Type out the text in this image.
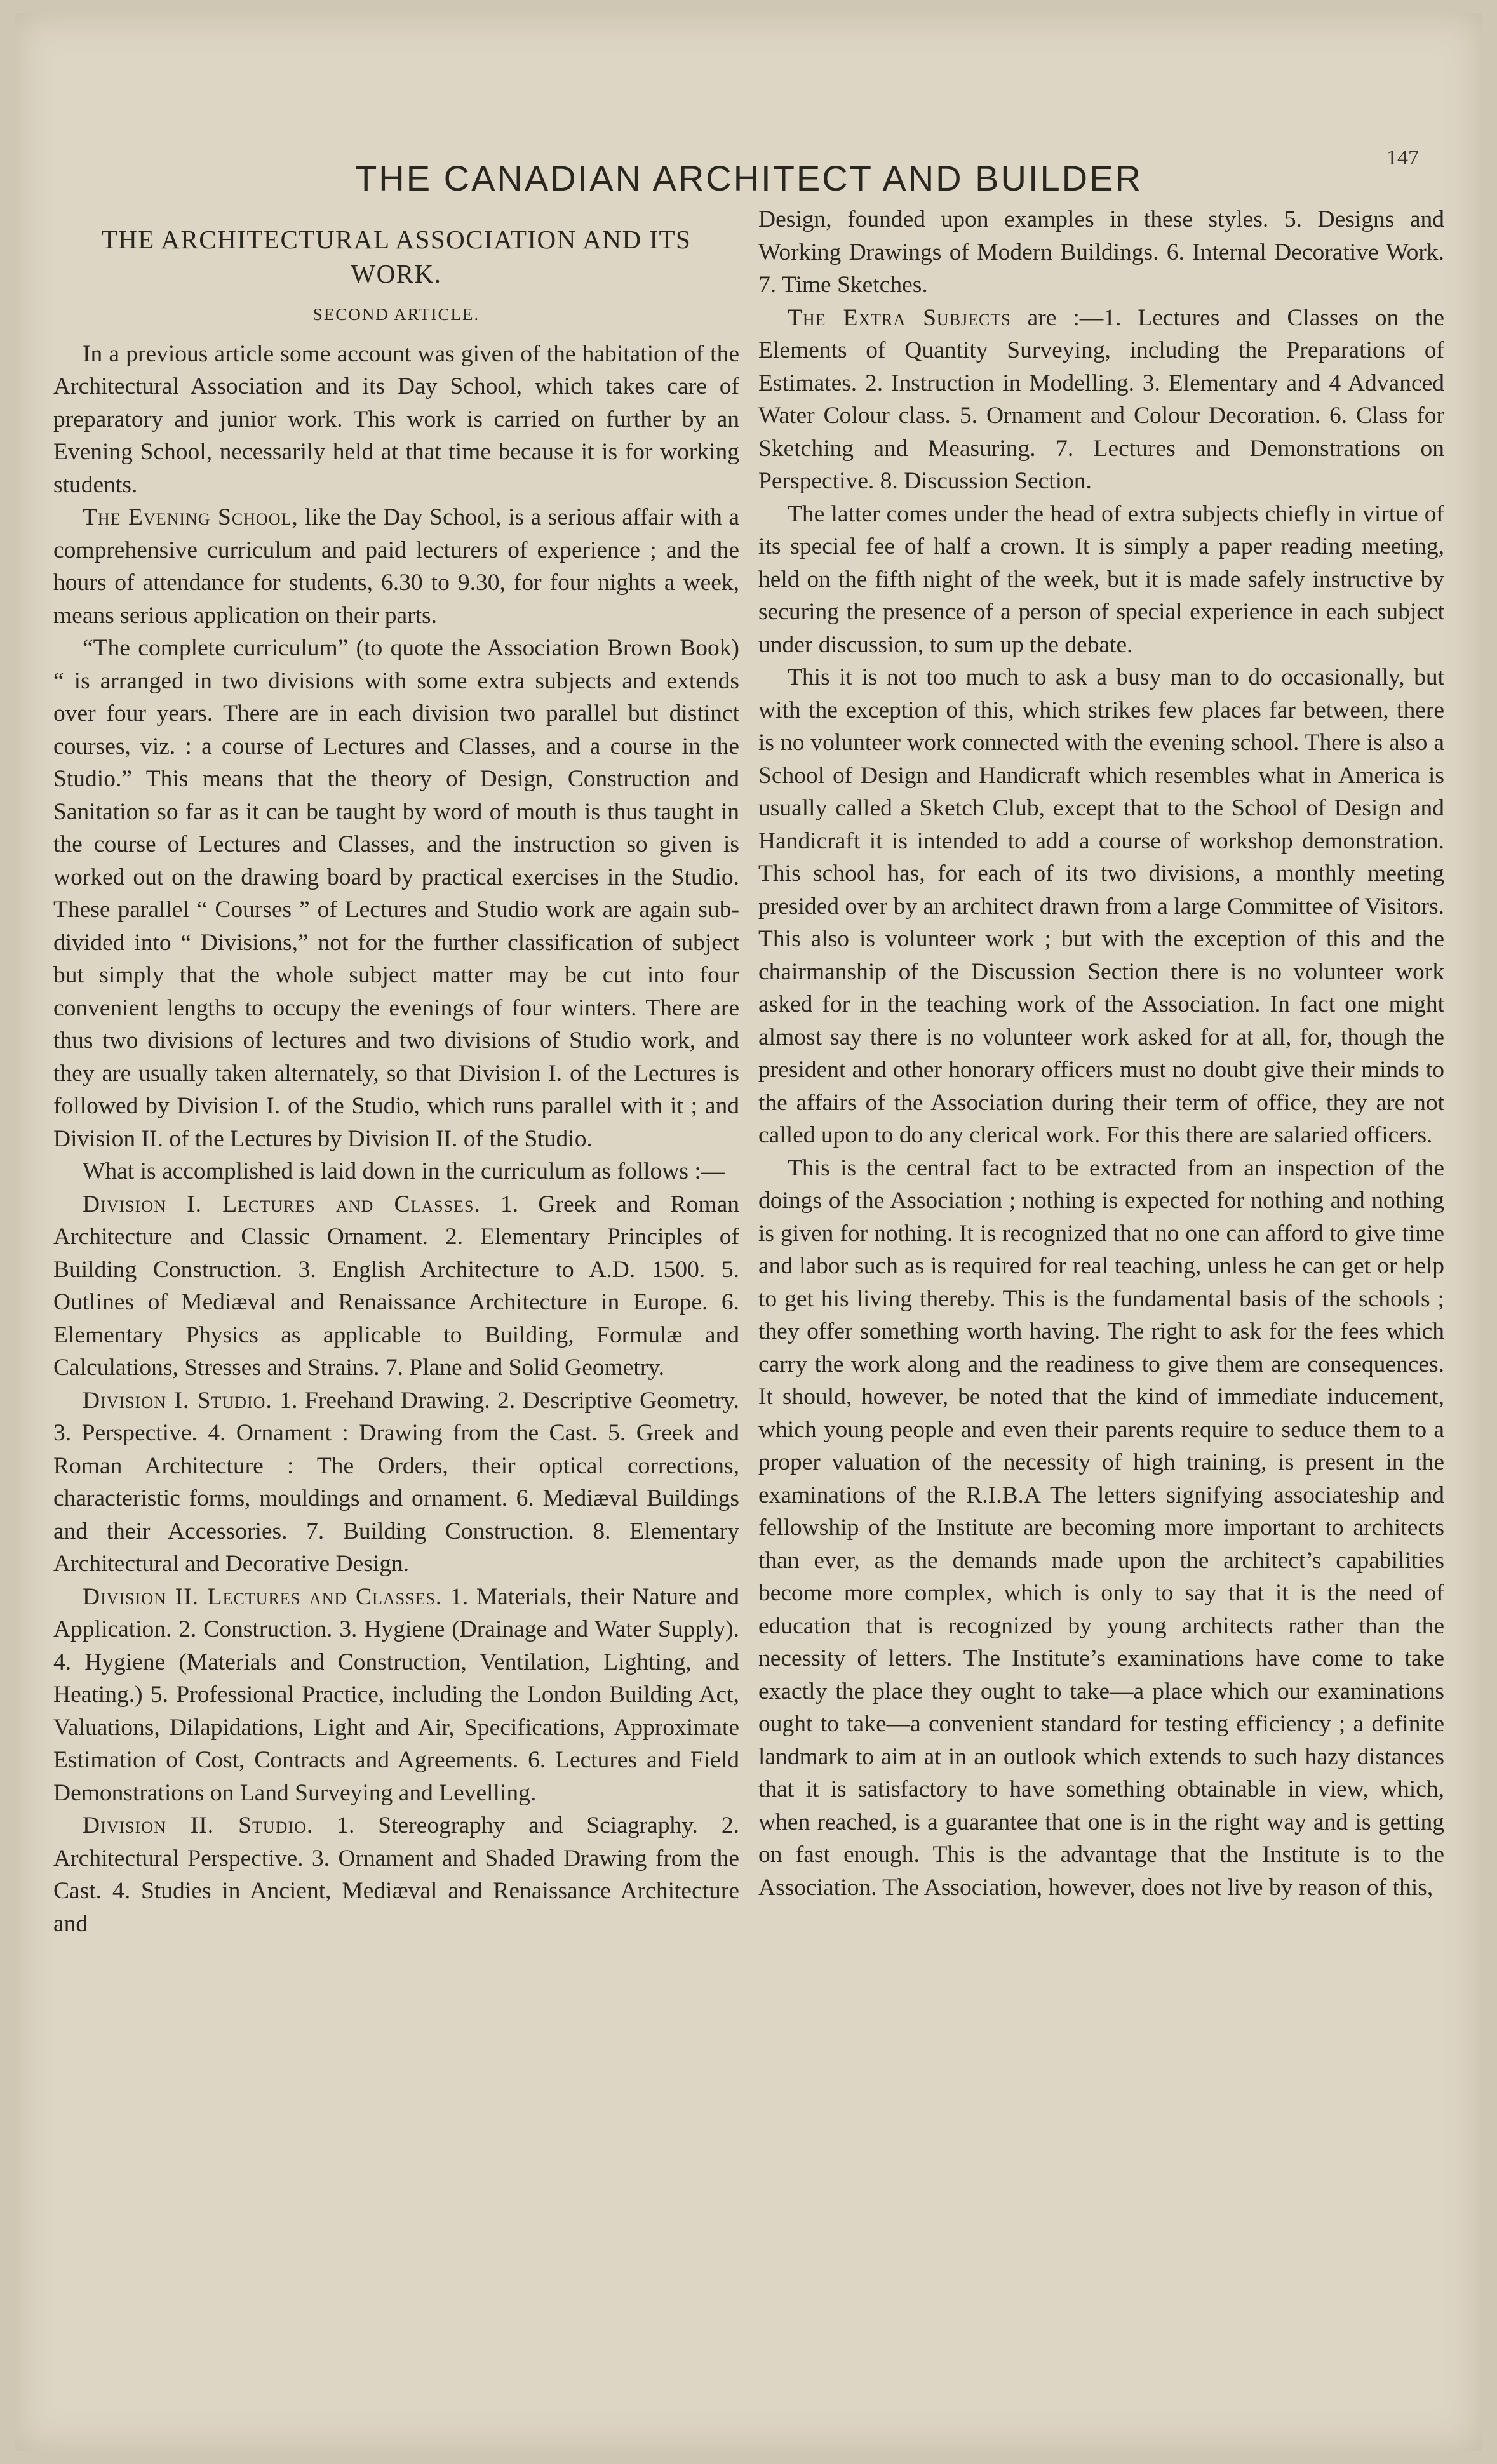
147
THE CANADIAN ARCHITECT AND BUILDER
THE ARCHITECTURAL ASSOCIATION AND ITS WORK.
SECOND ARTICLE.

In a previous article some account was given of the habitation of the Architectural Association and its Day School, which takes care of preparatory and junior work. This work is carried on further by an Evening School, necessarily held at that time because it is for working students.

The Evening School, like the Day School, is a serious affair with a comprehensive curriculum and paid lecturers of experience ; and the hours of attendance for students, 6.30 to 9.30, for four nights a week, means serious application on their parts.

“The complete curriculum” (to quote the Association Brown Book) “ is arranged in two divisions with some extra subjects and extends over four years. There are in each division two parallel but distinct courses, viz. : a course of Lectures and Classes, and a course in the Studio.” This means that the theory of Design, Construction and Sanitation so far as it can be taught by word of mouth is thus taught in the course of Lectures and Classes, and the instruction so given is worked out on the drawing board by practical exercises in the Studio. These parallel “ Courses ” of Lectures and Studio work are again sub-divided into “ Divisions,” not for the further classification of subject but simply that the whole subject matter may be cut into four convenient lengths to occupy the evenings of four winters. There are thus two divisions of lectures and two divisions of Studio work, and they are usually taken alternately, so that Division I. of the Lectures is followed by Division I. of the Studio, which runs parallel with it ; and Division II. of the Lectures by Division II. of the Studio.

What is accomplished is laid down in the curriculum as follows :—

Division I. Lectures and Classes. 1. Greek and Roman Architecture and Classic Ornament. 2. Elementary Principles of Building Construction. 3. English Architecture to A.D. 1500. 5. Outlines of Mediæval and Renaissance Architecture in Europe. 6. Elementary Physics as applicable to Building, Formulæ and Calculations, Stresses and Strains. 7. Plane and Solid Geometry.

Division I. Studio. 1. Freehand Drawing. 2. Descriptive Geometry. 3. Perspective. 4. Ornament : Drawing from the Cast. 5. Greek and Roman Architecture : The Orders, their optical corrections, characteristic forms, mouldings and ornament. 6. Mediæval Buildings and their Accessories. 7. Building Construction. 8. Elementary Architectural and Decorative Design.

Division II. Lectures and Classes. 1. Materials, their Nature and Application. 2. Construction. 3. Hygiene (Drainage and Water Supply). 4. Hygiene (Materials and Construction, Ventilation, Lighting, and Heating.) 5. Professional Practice, including the London Building Act, Valuations, Dilapidations, Light and Air, Specifications, Approximate Estimation of Cost, Contracts and Agreements. 6. Lectures and Field Demonstrations on Land Surveying and Levelling.

Division II. Studio. 1. Stereography and Sciagraphy. 2. Architectural Perspective. 3. Ornament and Shaded Drawing from the Cast. 4. Studies in Ancient, Mediæval and Renaissance Architecture and

Design, founded upon examples in these styles. 5. Designs and Working Drawings of Modern Buildings. 6. Internal Decorative Work. 7. Time Sketches.

The Extra Subjects are :—1. Lectures and Classes on the Elements of Quantity Surveying, including the Preparations of Estimates. 2. Instruction in Modelling. 3. Elementary and 4 Advanced Water Colour class. 5. Ornament and Colour Decoration. 6. Class for Sketching and Measuring. 7. Lectures and Demonstrations on Perspective. 8. Discussion Section.

The latter comes under the head of extra subjects chiefly in virtue of its special fee of half a crown. It is simply a paper reading meeting, held on the fifth night of the week, but it is made safely instructive by securing the presence of a person of special experience in each subject under discussion, to sum up the debate.

This it is not too much to ask a busy man to do occasionally, but with the exception of this, which strikes few places far between, there is no volunteer work connected with the evening school. There is also a School of Design and Handicraft which resembles what in America is usually called a Sketch Club, except that to the School of Design and Handicraft it is intended to add a course of workshop demonstration. This school has, for each of its two divisions, a monthly meeting presided over by an architect drawn from a large Committee of Visitors. This also is volunteer work ; but with the exception of this and the chairmanship of the Discussion Section there is no volunteer work asked for in the teaching work of the Association. In fact one might almost say there is no volunteer work asked for at all, for, though the president and other honorary officers must no doubt give their minds to the affairs of the Association during their term of office, they are not called upon to do any clerical work. For this there are salaried officers.

This is the central fact to be extracted from an inspection of the doings of the Association ; nothing is expected for nothing and nothing is given for nothing. It is recognized that no one can afford to give time and labor such as is required for real teaching, unless he can get or help to get his living thereby. This is the fundamental basis of the schools ; they offer something worth having. The right to ask for the fees which carry the work along and the readiness to give them are consequences. It should, however, be noted that the kind of immediate inducement, which young people and even their parents require to seduce them to a proper valuation of the necessity of high training, is present in the examinations of the R.I.B.A The letters signifying associateship and fellowship of the Institute are becoming more important to architects than ever, as the demands made upon the architect’s capabilities become more complex, which is only to say that it is the need of education that is recognized by young architects rather than the necessity of letters. The Institute’s examinations have come to take exactly the place they ought to take—a place which our examinations ought to take—a convenient standard for testing efficiency ; a definite landmark to aim at in an outlook which extends to such hazy distances that it is satisfactory to have something obtainable in view, which, when reached, is a guarantee that one is in the right way and is getting on fast enough. This is the advantage that the Institute is to the Association. The Association, however, does not live by reason of this,
